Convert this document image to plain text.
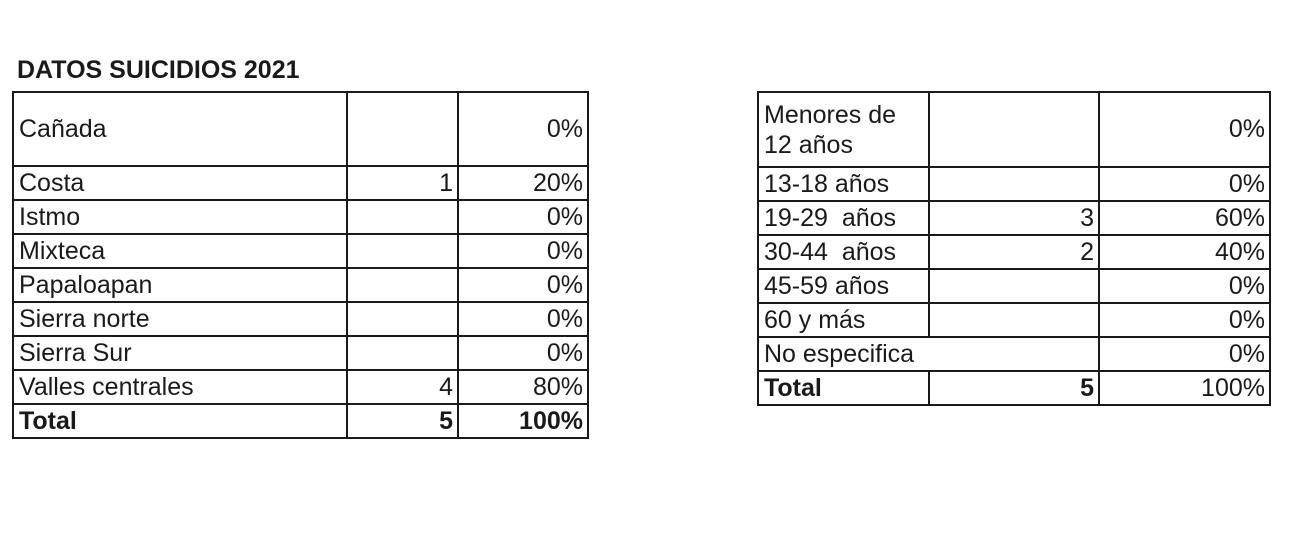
DATOS SUICIDIOS 2021
Cañada		0%
Costa	1	20%
Istmo		0%
Mixteca		0%
Papaloapan		0%
Sierra norte		0%
Sierra Sur		0%
Valles centrales	4	80%
Total	5	100%
Menores de 12 años		0%
13-18 años		0%
19-29  años	3	60%
30-44  años	2	40%
45-59 años		0%
60 y más		0%
No especifica		0%
Total	5	100%
